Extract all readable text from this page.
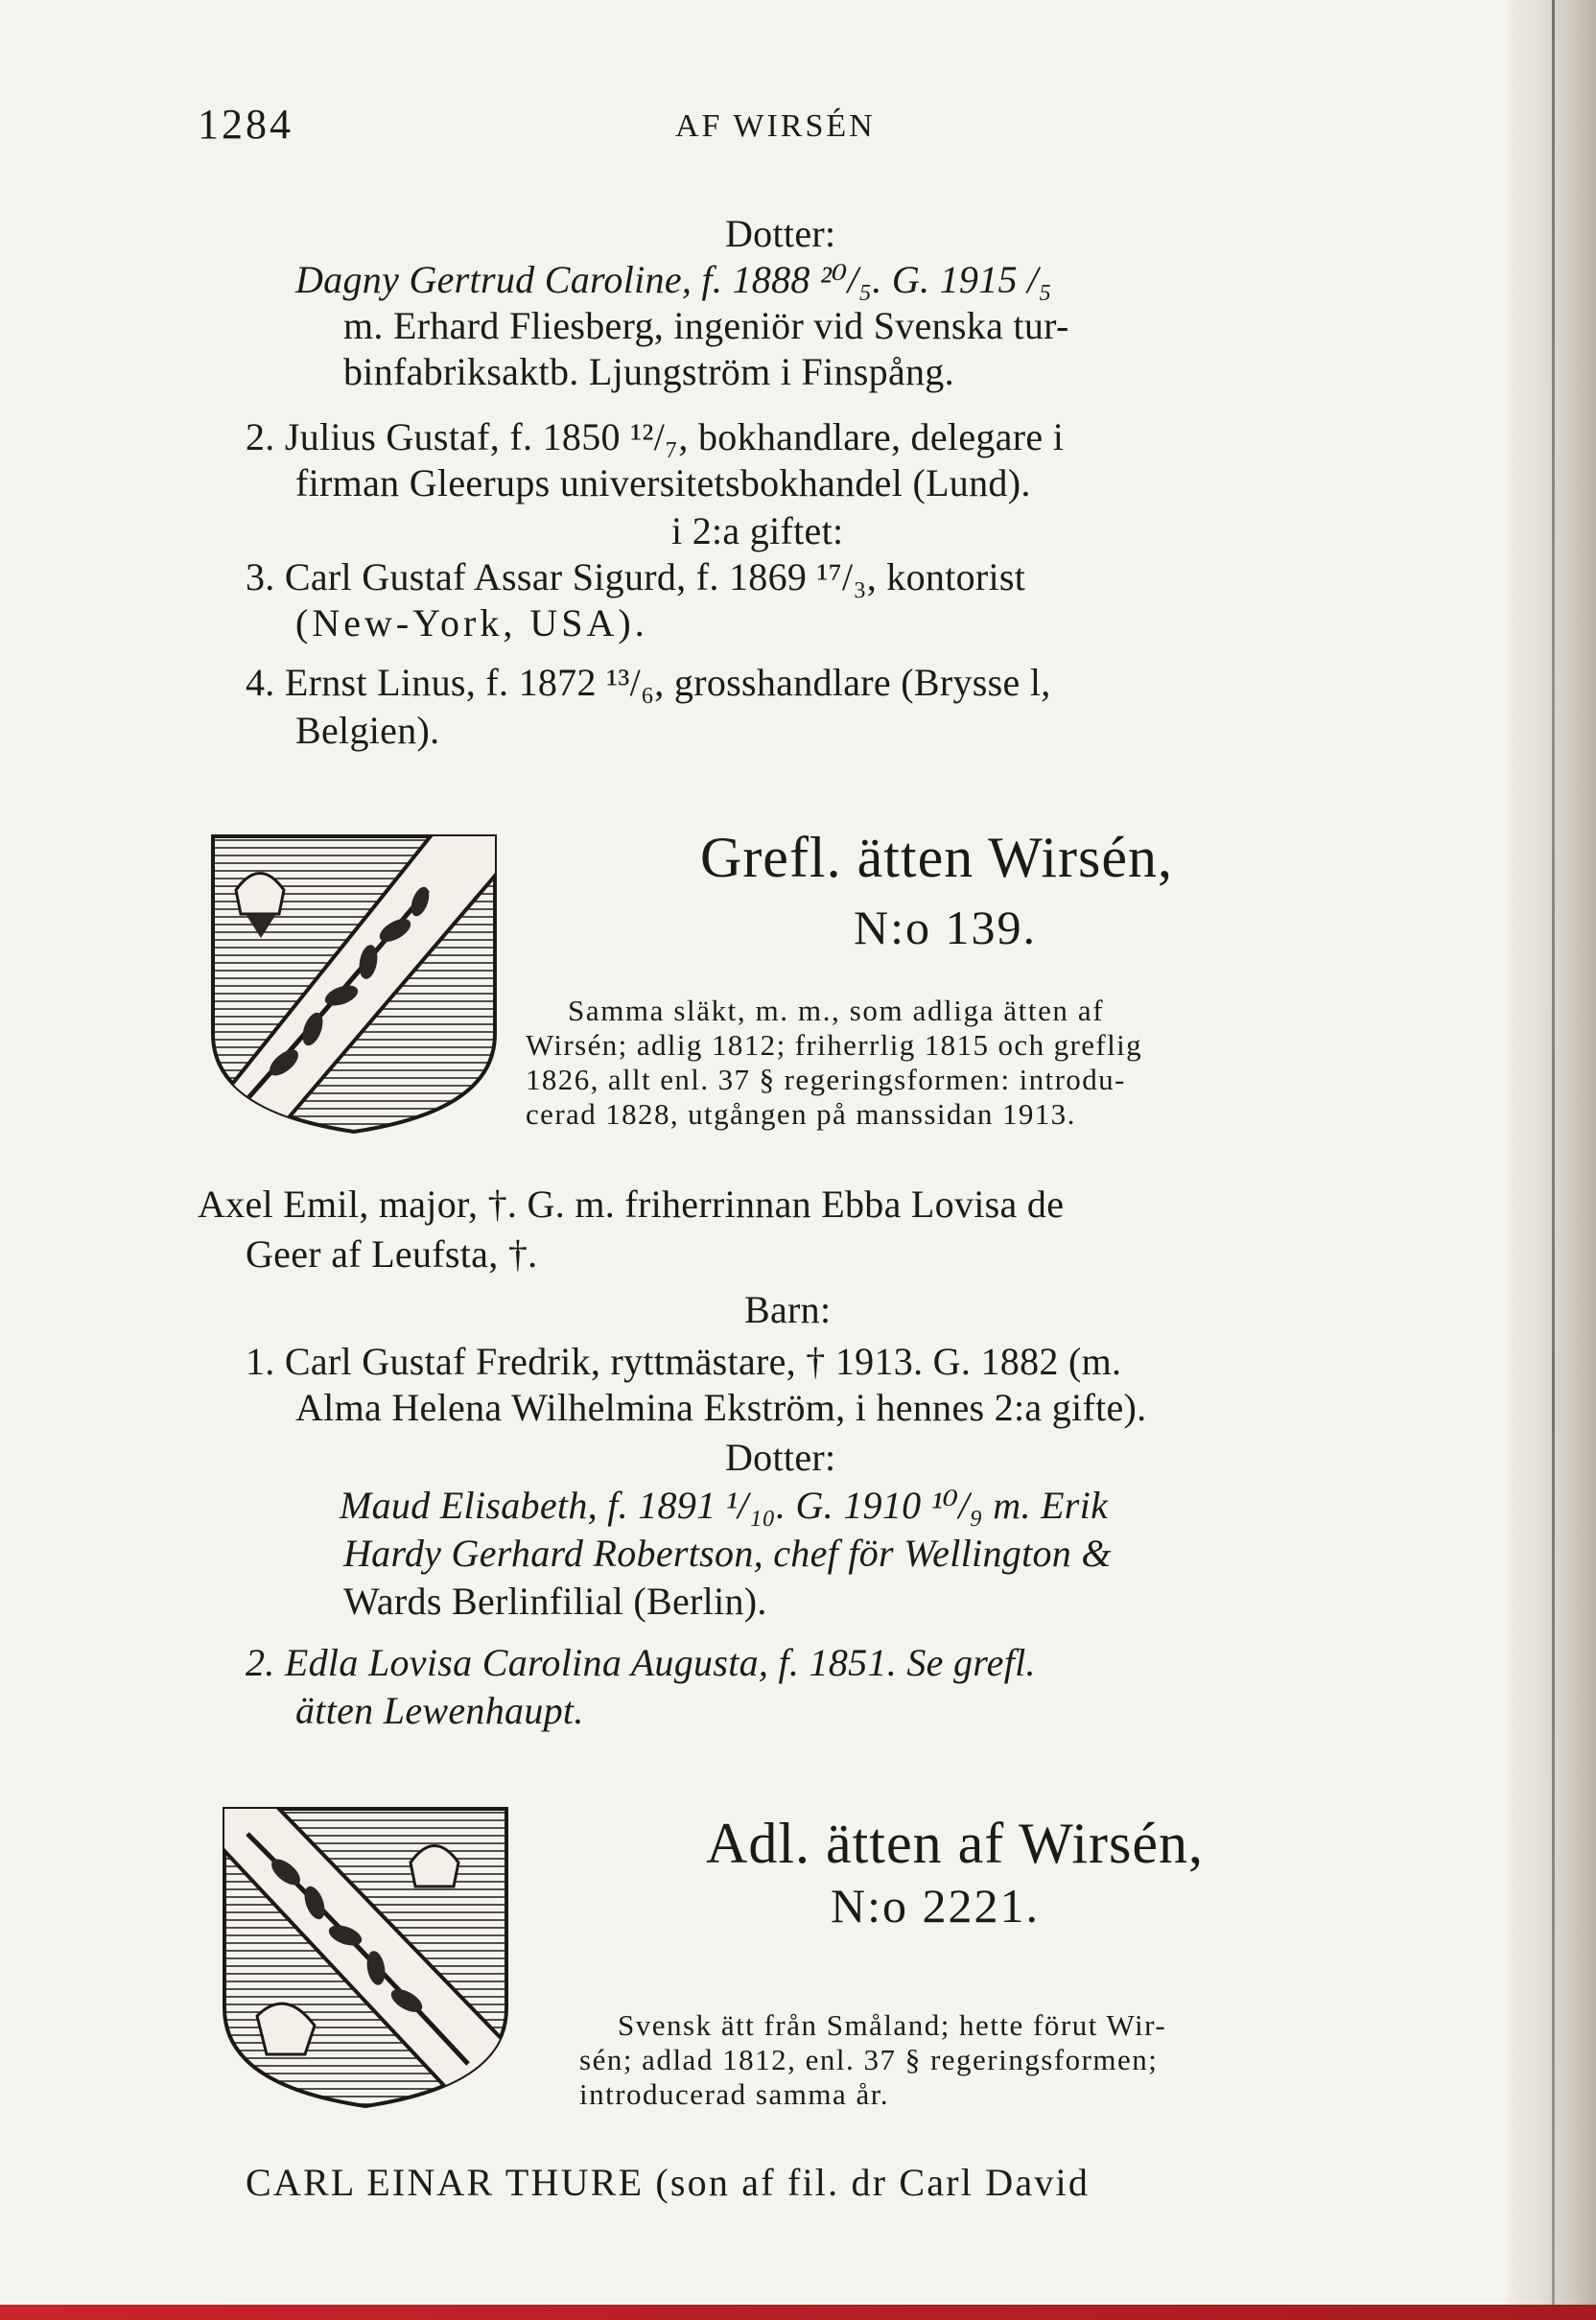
1284	AF WIRSÉN
Dotter:
Dagny Gertrud Caroline, f. 1888 ²⁰/₅. G. 1915 /₅
m. Erhard Fliesberg, ingeniör vid Svenska tur-
binfabriksaktb. Ljungström i Finspång.
2. Julius Gustaf, f. 1850 ¹²/₇, bokhandlare, delegare i
firman Gleerups universitetsbokhandel (Lund).
i 2:a giftet:
3. Carl Gustaf Assar Sigurd, f. 1869 ¹⁷/₃, kontorist
(New-York, USA).
4. Ernst Linus, f. 1872 ¹³/₆, grosshandlare (Brysse l,
Belgien).
Grefl. ätten Wirsén,
N:o 139.
Samma släkt, m. m., som adliga ätten af
Wirsén; adlig 1812; friherrlig 1815 och greflig
1826, allt enl. 37 § regeringsformen: introdu-
cerad 1828, utgången på manssidan 1913.
Axel Emil, major, †. G. m. friherrinnan Ebba Lovisa de
Geer af Leufsta, †.
Barn:
1. Carl Gustaf Fredrik, ryttmästare, † 1913. G. 1882 (m.
Alma Helena Wilhelmina Ekström, i hennes 2:a gifte).
Dotter:
Maud Elisabeth, f. 1891 ¹/₁₀. G. 1910 ¹⁰/₉ m. Erik
Hardy Gerhard Robertson, chef för Wellington &
Wards Berlinfilial (Berlin).
2. Edla Lovisa Carolina Augusta, f. 1851. Se grefl.
ätten Lewenhaupt.
Adl. ätten af Wirsén,
N:o 2221.
Svensk ätt från Småland; hette förut Wir-
sén; adlad 1812, enl. 37 § regeringsformen;
introducerad samma år.
CARL EINAR THURE (son af fil. dr Carl David
